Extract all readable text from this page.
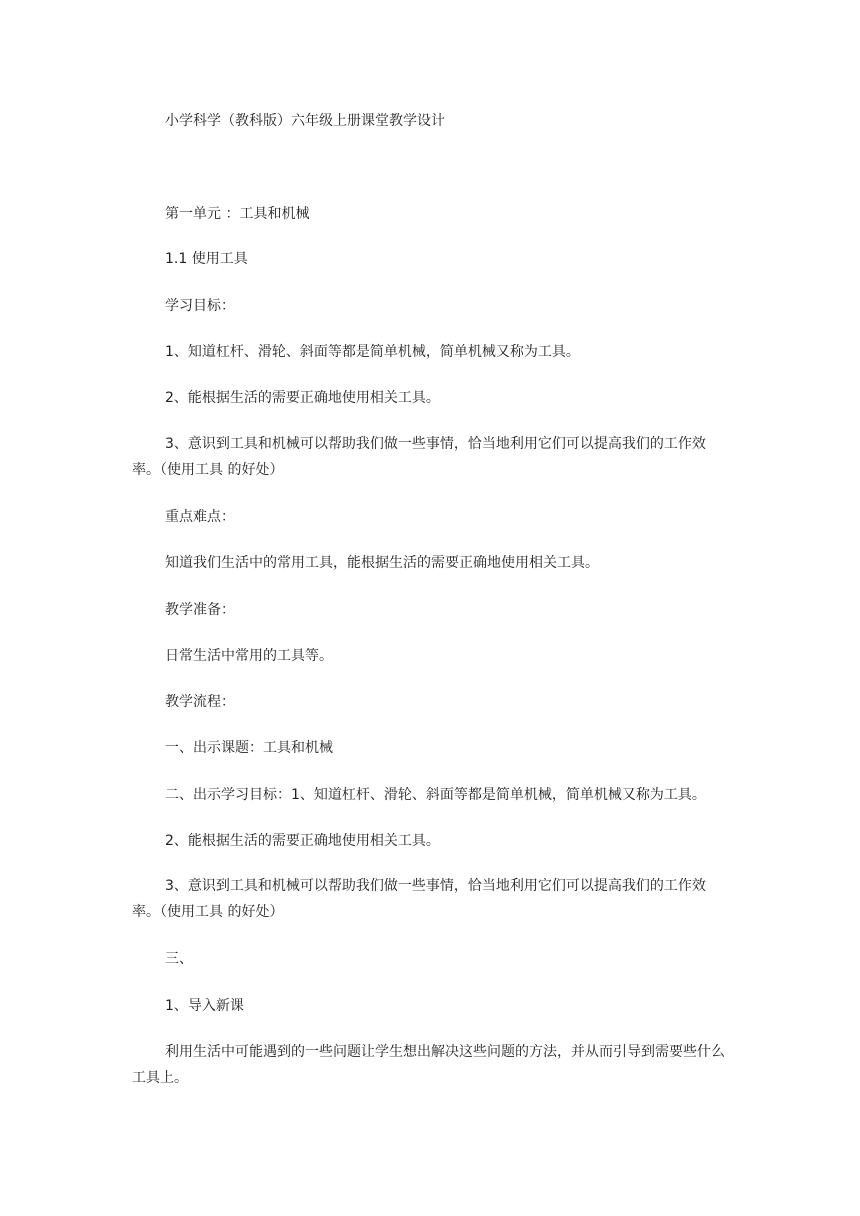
小学科学（教科版）六年级上册课堂教学设计
第一单元 ：工具和机械
1.1 使用工具
学习目标：
1、知道杠杆、滑轮、斜面等都是简单机械，简单机械又称为工具。
2、能根据生活的需要正确地使用相关工具。
3、意识到工具和机械可以帮助我们做一些事情，恰当地利用它们可以提高我们的工作效率。（使用工具 的好处）
重点难点：
知道我们生活中的常用工具，能根据生活的需要正确地使用相关工具。
教学准备：
日常生活中常用的工具等。
教学流程：
一、出示课题：工具和机械
二、出示学习目标：1、知道杠杆、滑轮、斜面等都是简单机械，简单机械又称为工具。
2、能根据生活的需要正确地使用相关工具。
3、意识到工具和机械可以帮助我们做一些事情，恰当地利用它们可以提高我们的工作效率。（使用工具 的好处）
三、
1、导入新课
利用生活中可能遇到的一些问题让学生想出解决这些问题的方法，并从而引导到需要些什么工具上。
